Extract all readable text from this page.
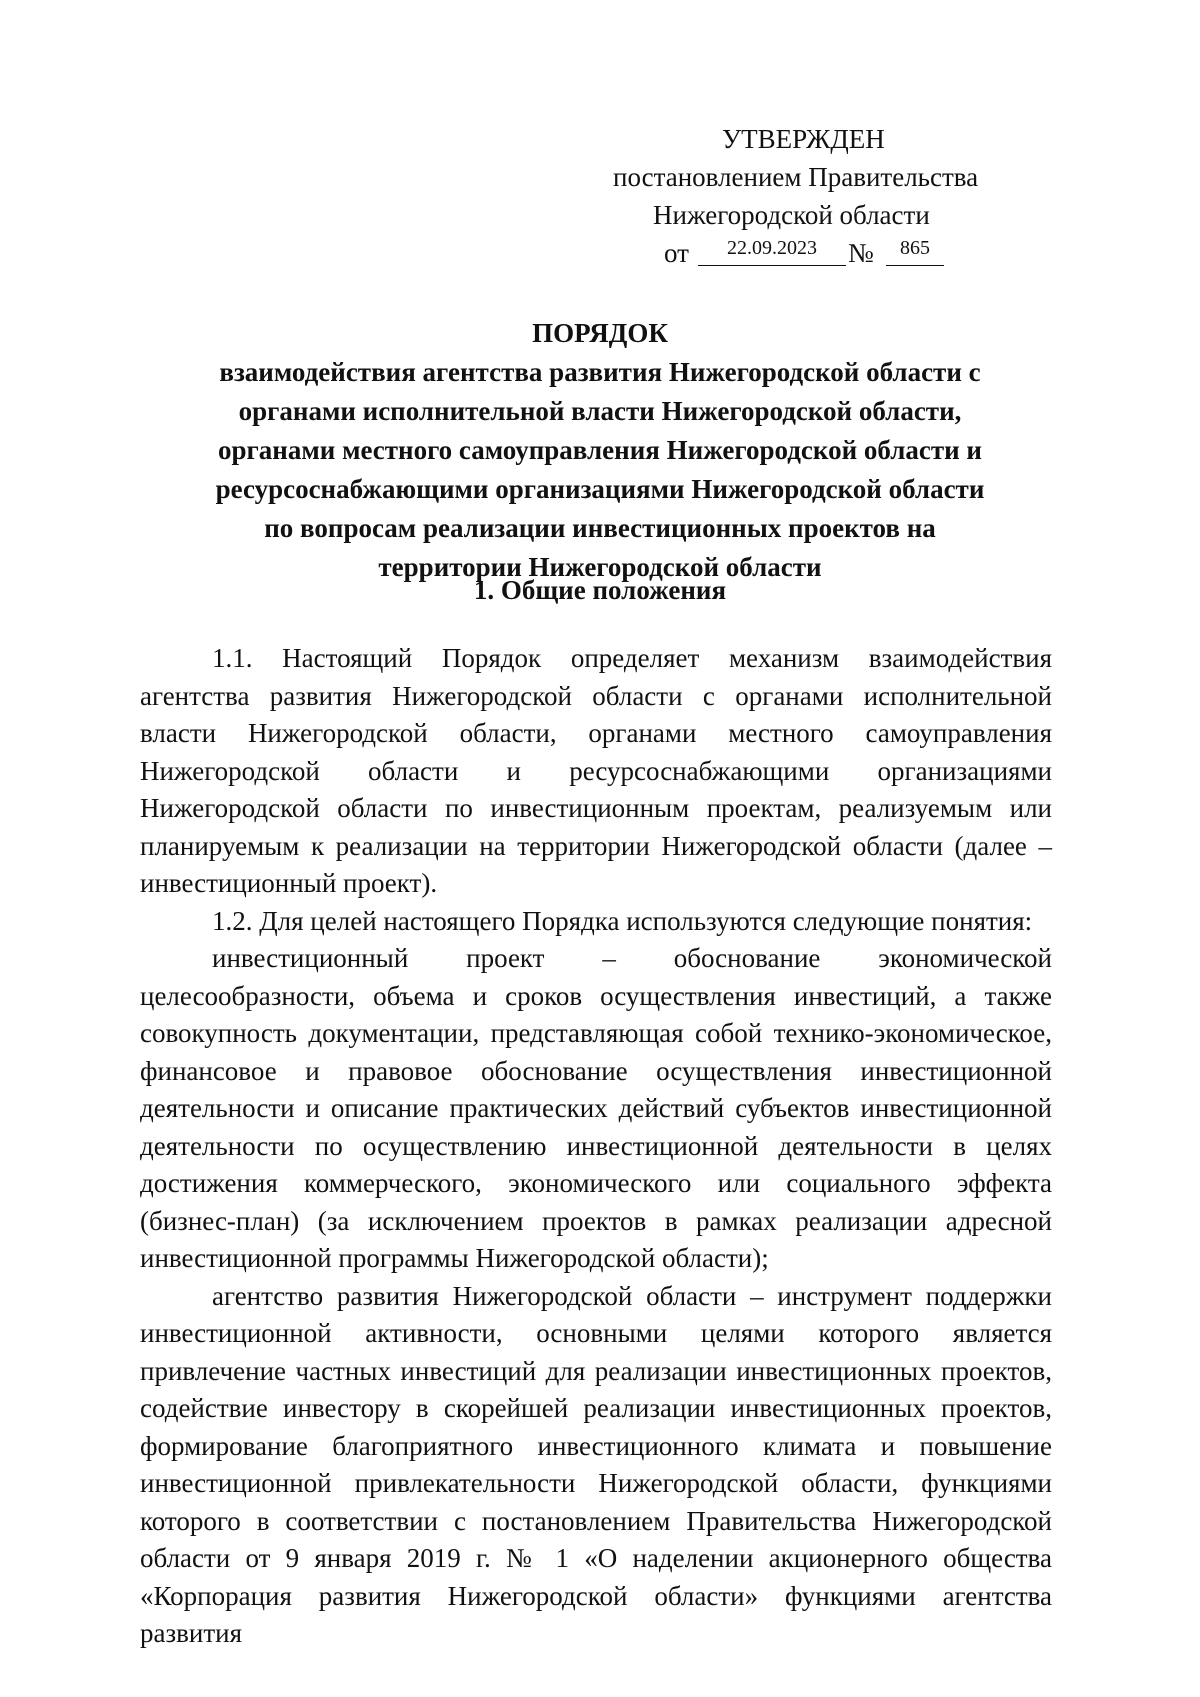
УТВЕРЖДЕН
постановлением Правительства
Нижегородской области
от	22.09.2023	№	865
ПОРЯДОК
взаимодействия агентства развития Нижегородской области с
органами исполнительной власти Нижегородской области,
органами местного самоуправления Нижегородской области и
ресурсоснабжающими организациями Нижегородской области
по вопросам реализации инвестиционных проектов на
территории Нижегородской области
1. Общие положения

1.1. Настоящий Порядок определяет механизм взаимодействия агентства развития Нижегородской области с органами исполнительной власти Нижегородской области, органами местного самоуправления Нижегородской области и ресурсоснабжающими организациями Нижегородской области по инвестиционным проектам, реализуемым или планируемым к реализации на территории Нижегородской области (далее – инвестиционный проект).

1.2. Для целей настоящего Порядка используются следующие понятия:

инвестиционный проект – обоснование экономической целесообразности, объема и сроков осуществления инвестиций, а также совокупность документации, представляющая собой технико-экономическое, финансовое и правовое обоснование осуществления инвестиционной деятельности и описание практических действий субъектов инвестиционной деятельности по осуществлению инвестиционной деятельности в целях достижения коммерческого, экономического или социального эффекта (бизнес-план) (за исключением проектов в рамках реализации адресной инвестиционной программы Нижегородской области);

агентство развития Нижегородской области – инструмент поддержки инвестиционной активности, основными целями которого является привлечение частных инвестиций для реализации инвестиционных проектов, содействие инвестору в скорейшей реализации инвестиционных проектов, формирование благоприятного инвестиционного климата и повышение инвестиционной привлекательности Нижегородской области, функциями которого в соответствии с постановлением Правительства Нижегородской области от 9 января 2019 г. № 1 «О наделении акционерного общества «Корпорация развития Нижегородской области» функциями агентства развития
